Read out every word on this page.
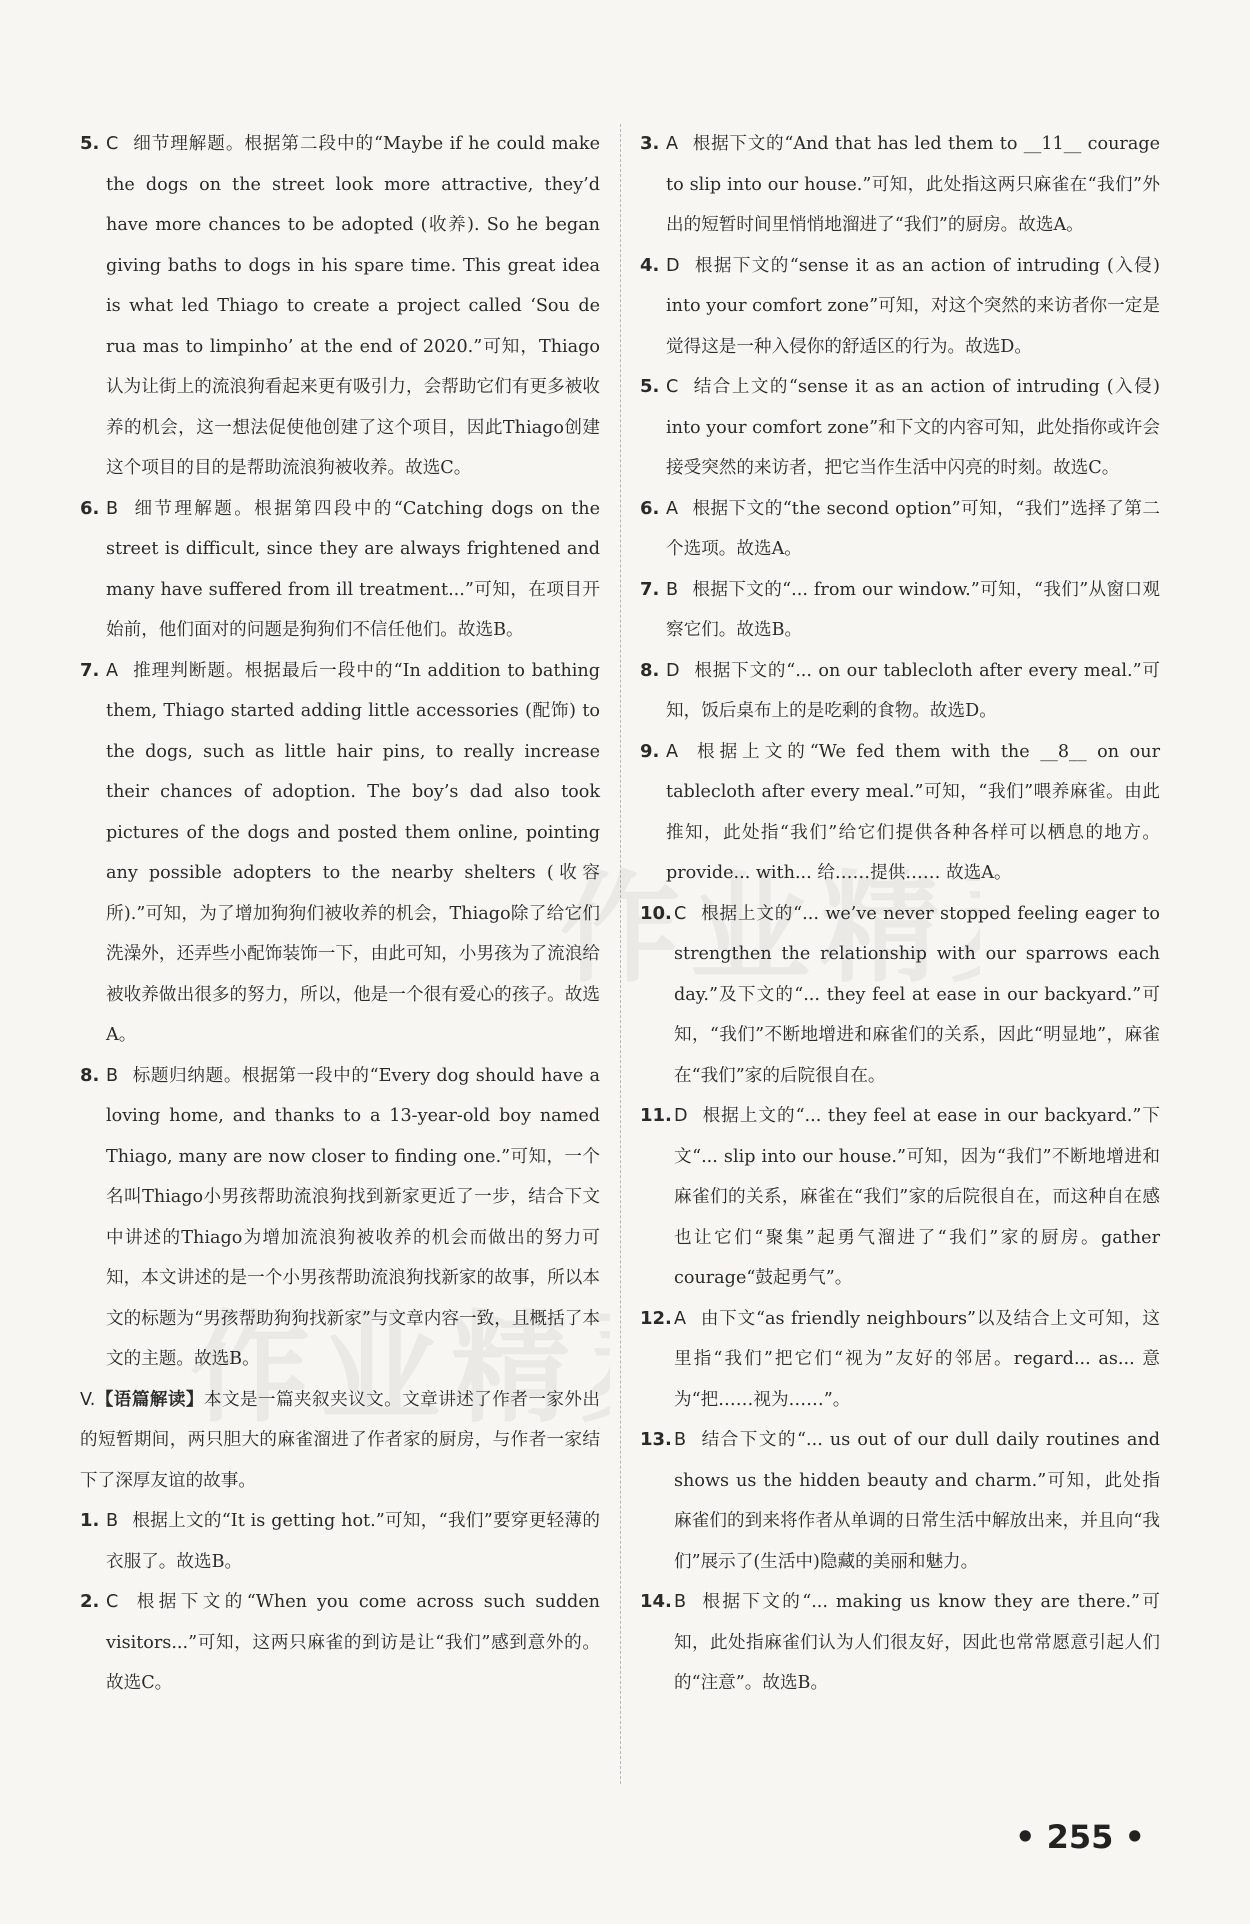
5. C 细节理解题。根据第二段中的“Maybe if he could make the dogs on the street look more attractive, they’d have more chances to be adopted (收养). So he began giving baths to dogs in his spare time. This great idea is what led Thiago to create a project called ‘Sou de rua mas to limpinho’ at the end of 2020.”可知，Thiago认为让街上的流浪狗看起来更有吸引力，会帮助它们有更多被收养的机会，这一想法促使他创建了这个项目，因此Thiago创建这个项目的目的是帮助流浪狗被收养。故选C。
6. B 细节理解题。根据第四段中的“Catching dogs on the street is difficult, since they are always frightened and many have suffered from ill treatment...”可知，在项目开始前，他们面对的问题是狗狗们不信任他们。故选B。
7. A 推理判断题。根据最后一段中的“In addition to bathing them, Thiago started adding little accessories (配饰) to the dogs, such as little hair pins, to really increase their chances of adoption. The boy’s dad also took pictures of the dogs and posted them online, pointing any possible adopters to the nearby shelters (收容所).”可知，为了增加狗狗们被收养的机会，Thiago除了给它们洗澡外，还弄些小配饰装饰一下，由此可知，小男孩为了流浪给被收养做出很多的努力，所以，他是一个很有爱心的孩子。故选A。
8. B 标题归纳题。根据第一段中的“Every dog should have a loving home, and thanks to a 13-year-old boy named Thiago, many are now closer to finding one.”可知，一个名叫Thiago小男孩帮助流浪狗找到新家更近了一步，结合下文中讲述的Thiago为增加流浪狗被收养的机会而做出的努力可知，本文讲述的是一个小男孩帮助流浪狗找新家的故事，所以本文的标题为“男孩帮助狗狗找新家”与文章内容一致，且概括了本文的主题。故选B。

V.【语篇解读】本文是一篇夹叙夹议文。文章讲述了作者一家外出的短暂期间，两只胆大的麻雀溜进了作者家的厨房，与作者一家结下了深厚友谊的故事。

1. B 根据上文的“It is getting hot.”可知，“我们”要穿更轻薄的衣服了。故选B。
2. C 根据下文的“When you come across such sudden visitors...”可知，这两只麻雀的到访是让“我们”感到意外的。故选C。
3. A 根据下文的“And that has led them to __11__ courage to slip into our house.”可知，此处指这两只麻雀在“我们”外出的短暂时间里悄悄地溜进了“我们”的厨房。故选A。
4. D 根据下文的“sense it as an action of intruding (入侵) into your comfort zone”可知，对这个突然的来访者你一定是觉得这是一种入侵你的舒适区的行为。故选D。
5. C 结合上文的“sense it as an action of intruding (入侵) into your comfort zone”和下文的内容可知，此处指你或许会接受突然的来访者，把它当作生活中闪亮的时刻。故选C。
6. A 根据下文的“the second option”可知，“我们”选择了第二个选项。故选A。
7. B 根据下文的“... from our window.”可知，“我们”从窗口观察它们。故选B。
8. D 根据下文的“... on our tablecloth after every meal.”可知，饭后桌布上的是吃剩的食物。故选D。
9. A 根据上文的“We fed them with the __8__ on our tablecloth after every meal.”可知，“我们”喂养麻雀。由此推知，此处指“我们”给它们提供各种各样可以栖息的地方。provide... with... 给……提供…… 故选A。
10. C 根据上文的“... we’ve never stopped feeling eager to strengthen the relationship with our sparrows each day.”及下文的“... they feel at ease in our backyard.”可知，“我们”不断地增进和麻雀们的关系，因此“明显地”，麻雀在“我们”家的后院很自在。
11. D 根据上文的“... they feel at ease in our backyard.”下文“... slip into our house.”可知，因为“我们”不断地增进和麻雀们的关系，麻雀在“我们”家的后院很自在，而这种自在感也让它们“聚集”起勇气溜进了“我们”家的厨房。gather courage“鼓起勇气”。
12. A 由下文“as friendly neighbours”以及结合上文可知，这里指“我们”把它们“视为”友好的邻居。regard... as... 意为“把……视为……”。
13. B 结合下文的“... us out of our dull daily routines and shows us the hidden beauty and charm.”可知，此处指麻雀们的到来将作者从单调的日常生活中解放出来，并且向“我们”展示了(生活中)隐藏的美丽和魅力。
14. B 根据下文的“... making us know they are there.”可知，此处指麻雀们认为人们很友好，因此也常常愿意引起人们的“注意”。故选B。
• 255 •
作业精
作业精
